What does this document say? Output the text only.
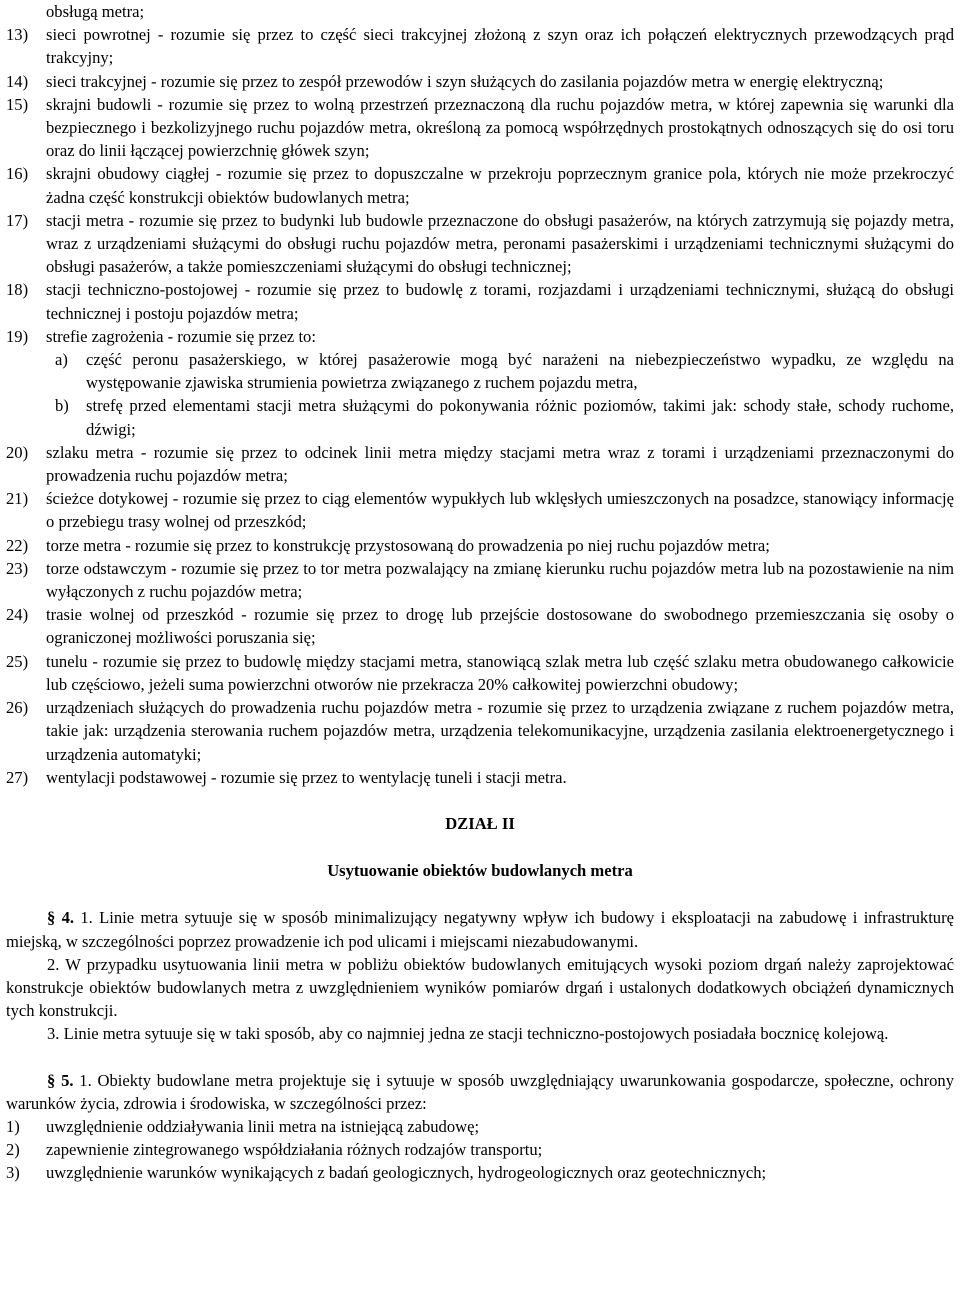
obsługą metra;
13) sieci powrotnej - rozumie się przez to część sieci trakcyjnej złożoną z szyn oraz ich połączeń elektrycznych przewodzących prąd trakcyjny;
14) sieci trakcyjnej - rozumie się przez to zespół przewodów i szyn służących do zasilania pojazdów metra w energię elektryczną;
15) skrajni budowli - rozumie się przez to wolną przestrzeń przeznaczoną dla ruchu pojazdów metra, w której zapewnia się warunki dla bezpiecznego i bezkolizyjnego ruchu pojazdów metra, określoną za pomocą współrzędnych prostokątnych odnoszących się do osi toru oraz do linii łączącej powierzchnię główek szyn;
16) skrajni obudowy ciągłej - rozumie się przez to dopuszczalne w przekroju poprzecznym granice pola, których nie może przekroczyć żadna część konstrukcji obiektów budowlanych metra;
17) stacji metra - rozumie się przez to budynki lub budowle przeznaczone do obsługi pasażerów, na których zatrzymują się pojazdy metra, wraz z urządzeniami służącymi do obsługi ruchu pojazdów metra, peronami pasażerskimi i urządzeniami technicznymi służącymi do obsługi pasażerów, a także pomieszczeniami służącymi do obsługi technicznej;
18) stacji techniczno-postojowej - rozumie się przez to budowlę z torami, rozjazdami i urządzeniami technicznymi, służącą do obsługi technicznej i postoju pojazdów metra;
19) strefie zagrożenia - rozumie się przez to:
a) część peronu pasażerskiego, w której pasażerowie mogą być narażeni na niebezpieczeństwo wypadku, ze względu na występowanie zjawiska strumienia powietrza związanego z ruchem pojazdu metra,
b) strefę przed elementami stacji metra służącymi do pokonywania różnic poziomów, takimi jak: schody stałe, schody ruchome, dźwigi;
20) szlaku metra - rozumie się przez to odcinek linii metra między stacjami metra wraz z torami i urządzeniami przeznaczonymi do prowadzenia ruchu pojazdów metra;
21) ścieżce dotykowej - rozumie się przez to ciąg elementów wypukłych lub wklęsłych umieszczonych na posadzce, stanowiący informację o przebiegu trasy wolnej od przeszkód;
22) torze metra - rozumie się przez to konstrukcję przystosowaną do prowadzenia po niej ruchu pojazdów metra;
23) torze odstawczym - rozumie się przez to tor metra pozwalający na zmianę kierunku ruchu pojazdów metra lub na pozostawienie na nim wyłączonych z ruchu pojazdów metra;
24) trasie wolnej od przeszkód - rozumie się przez to drogę lub przejście dostosowane do swobodnego przemieszczania się osoby o ograniczonej możliwości poruszania się;
25) tunelu - rozumie się przez to budowlę między stacjami metra, stanowiącą szlak metra lub część szlaku metra obudowanego całkowicie lub częściowo, jeżeli suma powierzchni otworów nie przekracza 20% całkowitej powierzchni obudowy;
26) urządzeniach służących do prowadzenia ruchu pojazdów metra - rozumie się przez to urządzenia związane z ruchem pojazdów metra, takie jak: urządzenia sterowania ruchem pojazdów metra, urządzenia telekomunikacyjne, urządzenia zasilania elektroenergetycznego i urządzenia automatyki;
27) wentylacji podstawowej - rozumie się przez to wentylację tuneli i stacji metra.
DZIAŁ II
Usytuowanie obiektów budowlanych metra
§ 4. 1. Linie metra sytuuje się w sposób minimalizujący negatywny wpływ ich budowy i eksploatacji na zabudowę i infrastrukturę miejską, w szczególności poprzez prowadzenie ich pod ulicami i miejscami niezabudowanymi.
2. W przypadku usytuowania linii metra w pobliżu obiektów budowlanych emitujących wysoki poziom drgań należy zaprojektować konstrukcje obiektów budowlanych metra z uwzględnieniem wyników pomiarów drgań i ustalonych dodatkowych obciążeń dynamicznych tych konstrukcji.
3. Linie metra sytuuje się w taki sposób, aby co najmniej jedna ze stacji techniczno-postojowych posiadała bocznicę kolejową.
§ 5. 1. Obiekty budowlane metra projektuje się i sytuuje w sposób uwzględniający uwarunkowania gospodarcze, społeczne, ochrony warunków życia, zdrowia i środowiska, w szczególności przez:
1) uwzględnienie oddziaływania linii metra na istniejącą zabudowę;
2) zapewnienie zintegrowanego współdziałania różnych rodzajów transportu;
3) uwzględnienie warunków wynikających z badań geologicznych, hydrogeologicznych oraz geotechnicznych;
